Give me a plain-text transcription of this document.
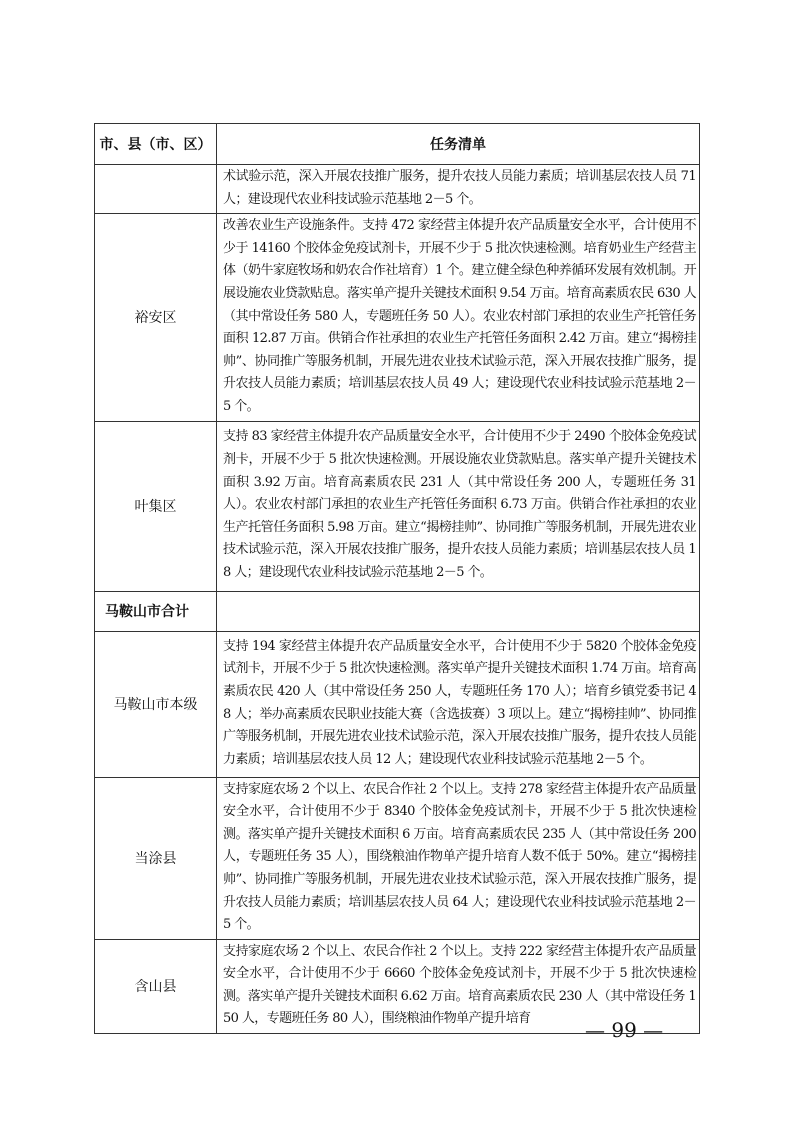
市、县（市、区）	任务清单
	术试验示范，深入开展农技推广服务，提升农技人员能力素质；培训基层农技人员 71 人；建设现代农业科技试验示范基地 2－5 个。
裕安区	改善农业生产设施条件。支持 472 家经营主体提升农产品质量安全水平，合计使用不少于 14160 个胶体金免疫试剂卡，开展不少于 5 批次快速检测。培育奶业生产经营主体（奶牛家庭牧场和奶农合作社培育）1 个。建立健全绿色种养循环发展有效机制。开展设施农业贷款贴息。落实单产提升关键技术面积 9.54 万亩。培育高素质农民 630 人（其中常设任务 580 人，专题班任务 50 人）。农业农村部门承担的农业生产托管任务面积 12.87 万亩。供销合作社承担的农业生产托管任务面积 2.42 万亩。建立“揭榜挂帅”、协同推广等服务机制，开展先进农业技术试验示范，深入开展农技推广服务，提升农技人员能力素质；培训基层农技人员 49 人；建设现代农业科技试验示范基地 2－5 个。
叶集区	支持 83 家经营主体提升农产品质量安全水平，合计使用不少于 2490 个胶体金免疫试剂卡，开展不少于 5 批次快速检测。开展设施农业贷款贴息。落实单产提升关键技术面积 3.92 万亩。培育高素质农民 231 人（其中常设任务 200 人，专题班任务 31 人）。农业农村部门承担的农业生产托管任务面积 6.73 万亩。供销合作社承担的农业生产托管任务面积 5.98 万亩。建立“揭榜挂帅”、协同推广等服务机制，开展先进农业技术试验示范，深入开展农技推广服务，提升农技人员能力素质；培训基层农技人员 18 人；建设现代农业科技试验示范基地 2－5 个。
马鞍山市合计	
马鞍山市本级	支持 194 家经营主体提升农产品质量安全水平，合计使用不少于 5820 个胶体金免疫试剂卡，开展不少于 5 批次快速检测。落实单产提升关键技术面积 1.74 万亩。培育高素质农民 420 人（其中常设任务 250 人，专题班任务 170 人）；培育乡镇党委书记 48 人；举办高素质农民职业技能大赛（含选拔赛）3 项以上。建立“揭榜挂帅”、协同推广等服务机制，开展先进农业技术试验示范，深入开展农技推广服务，提升农技人员能力素质；培训基层农技人员 12 人；建设现代农业科技试验示范基地 2－5 个。
当涂县	支持家庭农场 2 个以上、农民合作社 2 个以上。支持 278 家经营主体提升农产品质量安全水平，合计使用不少于 8340 个胶体金免疫试剂卡，开展不少于 5 批次快速检测。落实单产提升关键技术面积 6 万亩。培育高素质农民 235 人（其中常设任务 200 人，专题班任务 35 人），围绕粮油作物单产提升培育人数不低于 50%。建立“揭榜挂帅”、协同推广等服务机制，开展先进农业技术试验示范，深入开展农技推广服务，提升农技人员能力素质；培训基层农技人员 64 人；建设现代农业科技试验示范基地 2－5 个。
含山县	支持家庭农场 2 个以上、农民合作社 2 个以上。支持 222 家经营主体提升农产品质量安全水平，合计使用不少于 6660 个胶体金免疫试剂卡，开展不少于 5 批次快速检测。落实单产提升关键技术面积 6.62 万亩。培育高素质农民 230 人（其中常设任务 150 人，专题班任务 80 人），围绕粮油作物单产提升培育	— 99 —
